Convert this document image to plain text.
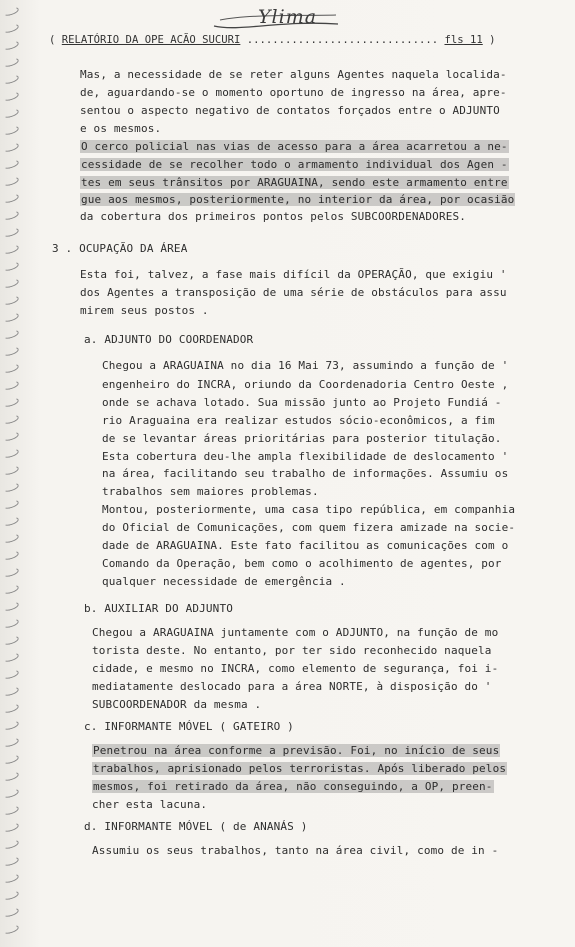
Ylima
( RELATÓRIO DA OPE ACÃO SUCURI .............................. fls 11 )
Mas, a necessidade de se reter alguns Agentes naquela localida-
de, aguardando-se o momento oportuno de ingresso na área, apre-
sentou o aspecto negativo de contatos forçados entre o ADJUNTO
e os mesmos.
O cerco policial nas vias de acesso para a área acarretou a ne-
cessidade de se recolher todo o armamento individual dos Agen -
tes em seus trânsitos por ARAGUAINA, sendo este armamento entre
gue aos mesmos, posteriormente, no interior da área, por ocasião
da cobertura dos primeiros pontos pelos SUBCOORDENADORES.
3 . OCUPAÇÃO DA ÁREA
Esta foi, talvez, a fase mais difícil da OPERAÇÃO, que exigiu '
dos Agentes a transposição de uma série de obstáculos para assu
mirem seus postos .
a. ADJUNTO DO COORDENADOR
Chegou a ARAGUAINA no dia 16 Mai 73, assumindo a função de '
engenheiro do INCRA, oriundo da Coordenadoria Centro Oeste ,
onde se achava lotado. Sua missão junto ao Projeto Fundiá -
rio Araguaina era realizar estudos sócio-econômicos, a fim
de se levantar áreas prioritárias para posterior titulação.
Esta cobertura deu-lhe ampla flexibilidade de deslocamento '
na área, facilitando seu trabalho de informações. Assumiu os
trabalhos sem maiores problemas.
Montou, posteriormente, uma casa tipo república, em companhia
do Oficial de Comunicações, com quem fizera amizade na socie-
dade de ARAGUAINA. Este fato facilitou as comunicações com o
Comando da Operação, bem como o acolhimento de agentes, por
qualquer necessidade de emergência .
b. AUXILIAR DO ADJUNTO
Chegou a ARAGUAINA juntamente com o ADJUNTO, na função de mo
torista deste. No entanto, por ter sido reconhecido naquela
cidade, e mesmo no INCRA, como elemento de segurança, foi i-
mediatamente deslocado para a área NORTE, à disposição do '
SUBCOORDENADOR da mesma .
c. INFORMANTE MÓVEL ( GATEIRO )
Penetrou na área conforme a previsão. Foi, no início de seus
trabalhos, aprisionado pelos terroristas. Após liberado pelos
mesmos, foi retirado da área, não conseguindo, a OP, preen-
cher esta lacuna.
d. INFORMANTE MÓVEL ( de ANANÁS )
Assumiu os seus trabalhos, tanto na área civil, como de in -
